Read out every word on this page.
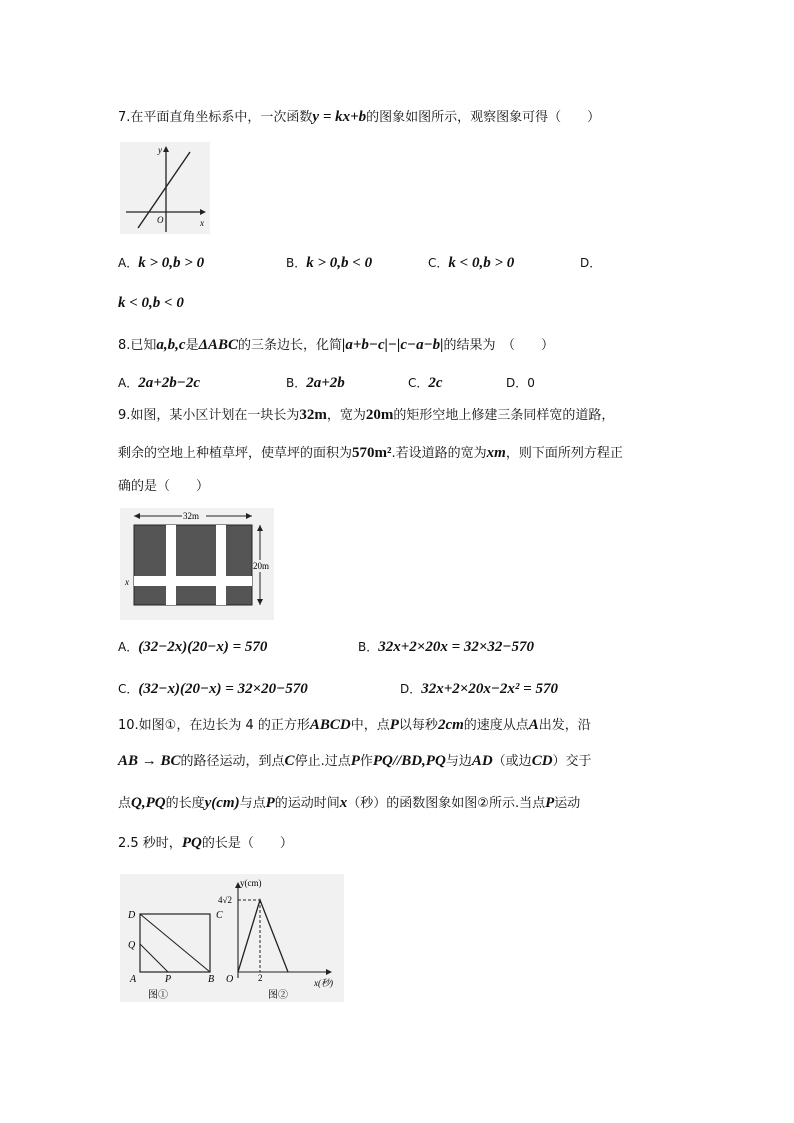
7.在平面直角坐标系中，一次函数y = kx+b的图象如图所示，观察图象可得（　　）
y
x
O
A．k > 0,b > 0	B．k > 0,b < 0	C．k < 0,b > 0	D．
k < 0,b < 0
8.已知a,b,c是ΔABC的三条边长，化简|a+b−c|−|c−a−b|的结果为　（　　）
A．2a+2b−2c	B．2a+2b	C．2c	D．0
9.如图，某小区计划在一块长为32m，宽为20m的矩形空地上修建三条同样宽的道路，
剩余的空地上种植草坪，使草坪的面积为570m².若设道路的宽为xm，则下面所列方程正
确的是（　　）
32m
20m
x
A．(32−2x)(20−x) = 570	B．32x+2×20x = 32×32−570
C．(32−x)(20−x) = 32×20−570	D．32x+2×20x−2x² = 570
10.如图①，在边长为 4 的正方形ABCD中，点P以每秒2cm的速度从点A出发，沿
AB → BC的路径运动，到点C停止.过点P作PQ//BD,PQ与边AD（或边CD）交于
点Q,PQ的长度y(cm)与点P的运动时间x（秒）的函数图象如图②所示.当点P运动
2.5 秒时，PQ的长是（　　）
D	C
Q
A	P	B
图①
y(cm)
4√2
O	2	x(秒)
图②
